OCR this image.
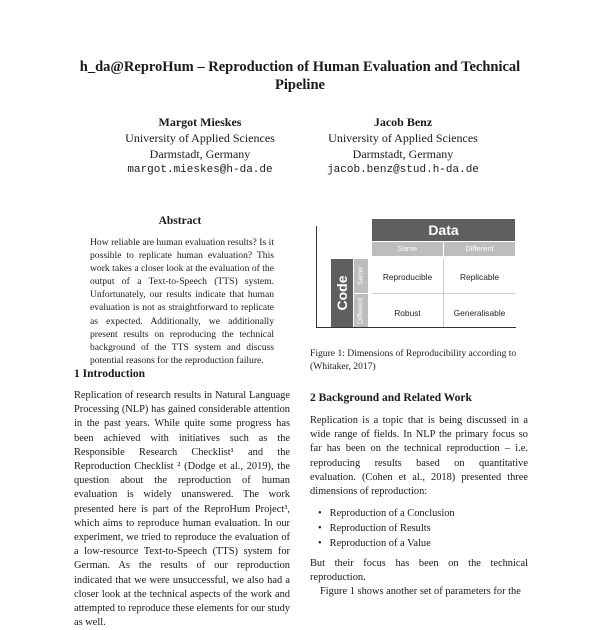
h_da@ReproHum – Reproduction of Human Evaluation and Technical Pipeline
Margot Mieskes
University of Applied Sciences
Darmstadt, Germany
margot.mieskes@h-da.de
Jacob Benz
University of Applied Sciences
Darmstadt, Germany
jacob.benz@stud.h-da.de
Abstract
How reliable are human evaluation results? Is it possible to replicate human evaluation? This work takes a closer look at the evaluation of the output of a Text-to-Speech (TTS) system. Unfortunately, our results indicate that human evaluation is not as straightforward to replicate as expected. Additionally, we additionally present results on reproducing the technical background of the TTS system and discuss potential reasons for the reproduction failure.
1 Introduction
Replication of research results in Natural Language Processing (NLP) has gained considerable attention in the past years. While quite some progress has been achieved with initiatives such as the Responsible Research Checklist¹ and the Reproduction Checklist ² (Dodge et al., 2019), the question about the reproduction of human evaluation is widely unanswered. The work presented here is part of the ReproHum Project³, which aims to reproduce human evaluation. In our experiment, we tried to reproduce the evaluation of a low-resource Text-to-Speech (TTS) system for German. As the results of our reproduction indicated that we were unsuccessful, we also had a closer look at the technical aspects of the work and attempted to reproduce these elements for our study as well.
Data
Same	Different
Code Same
Different
Reproducible	Replicable
Robust	Generalisable
Figure 1: Dimensions of Reproducibility according to (Whitaker, 2017)
2 Background and Related Work
Replication is a topic that is being discussed in a wide range of fields. In NLP the primary focus so far has been on the technical reproduction – i.e. reproducing results based on quantitative evaluation. (Cohen et al., 2018) presented three dimensions of reproduction:
• Reproduction of a Conclusion
• Reproduction of Results
• Reproduction of a Value
But their focus has been on the technical reproduction.
Figure 1 shows another set of parameters for the
